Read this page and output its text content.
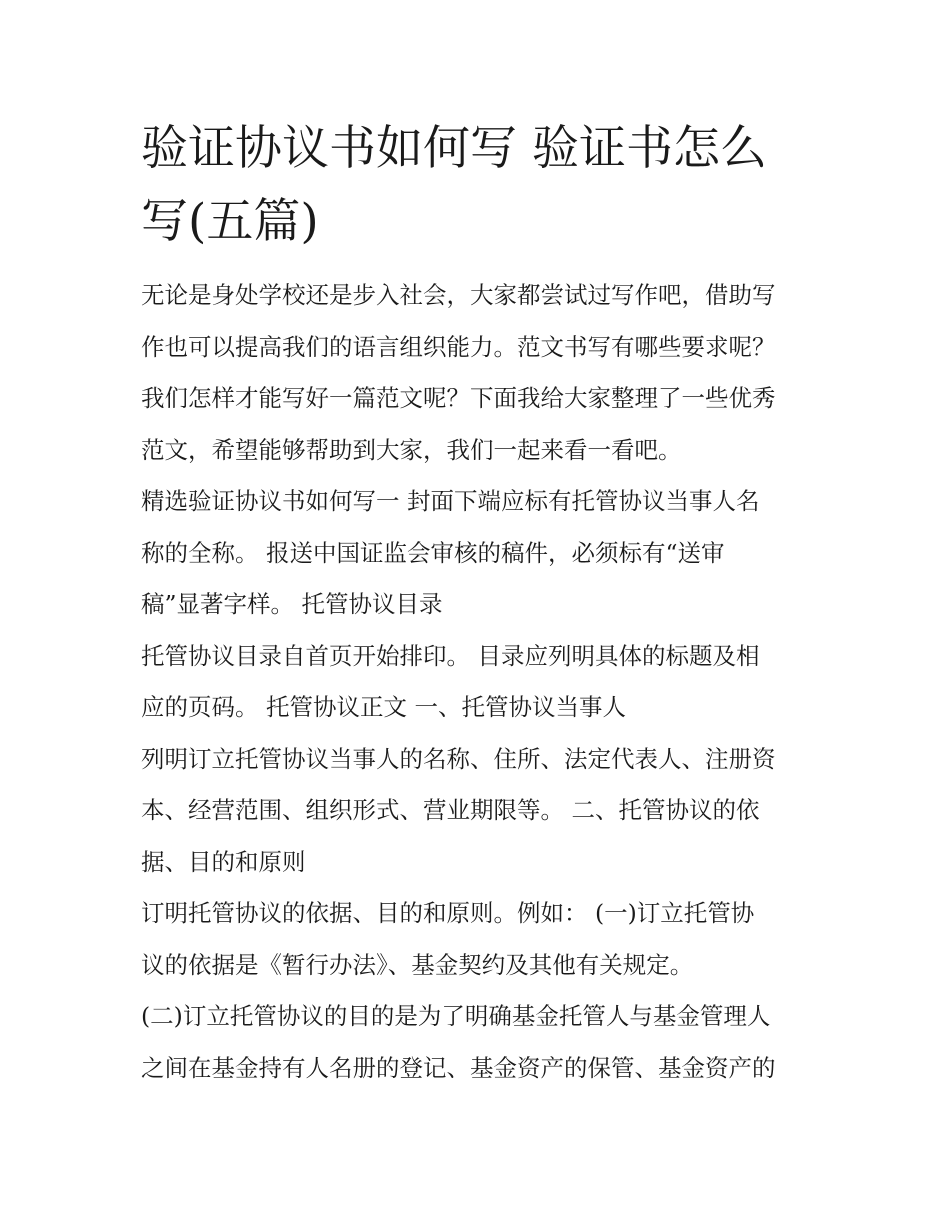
验证协议书如何写 验证书怎么
写(五篇)

无论是身处学校还是步入社会，大家都尝试过写作吧，借助写
作也可以提高我们的语言组织能力。范文书写有哪些要求呢？
我们怎样才能写好一篇范文呢？下面我给大家整理了一些优秀
范文，希望能够帮助到大家，我们一起来看一看吧。

精选验证协议书如何写一 封面下端应标有托管协议当事人名
称的全称。 报送中国证监会审核的稿件，必须标有“送审
稿”显著字样。 托管协议目录

托管协议目录自首页开始排印。 目录应列明具体的标题及相
应的页码。 托管协议正文 一、托管协议当事人

列明订立托管协议当事人的名称、住所、法定代表人、注册资
本、经营范围、组织形式、营业期限等。 二、托管协议的依
据、目的和原则

订明托管协议的依据、目的和原则。例如： (一)订立托管协
议的依据是《暂行办法》、基金契约及其他有关规定。

(二)订立托管协议的目的是为了明确基金托管人与基金管理人
之间在基金持有人名册的登记、基金资产的保管、基金资产的
